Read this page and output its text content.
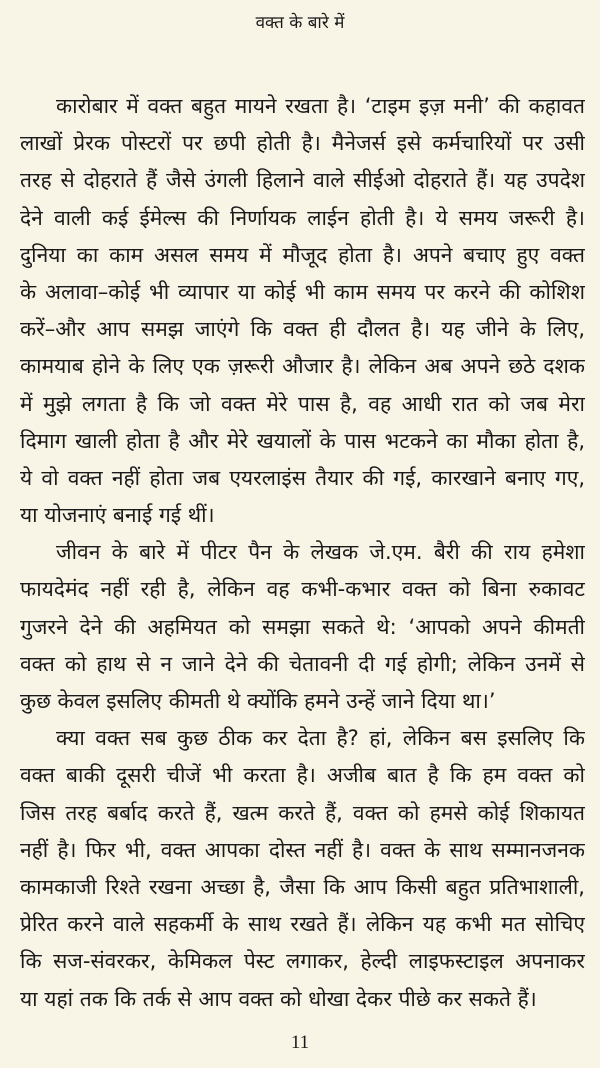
वक्त के बारे में
कारोबार में वक्त बहुत मायने रखता है। ‘टाइम इज़ मनी’ की कहावत
लाखों प्रेरक पोस्टरों पर छपी होती है। मैनेजर्स इसे कर्मचारियों पर उसी
तरह से दोहराते हैं जैसे उंगली हिलाने वाले सीईओ दोहराते हैं। यह उपदेश
देने वाली कई ईमेल्स की निर्णायक लाईन होती है। ये समय जरूरी है।
दुनिया का काम असल समय में मौजूद होता है। अपने बचाए हुए वक्त
के अलावा–कोई भी व्यापार या कोई भी काम समय पर करने की कोशिश
करें–और आप समझ जाएंगे कि वक्त ही दौलत है। यह जीने के लिए,
कामयाब होने के लिए एक ज़रूरी औजार है। लेकिन अब अपने छठे दशक
में मुझे लगता है कि जो वक्त मेरे पास है, वह आधी रात को जब मेरा
दिमाग खाली होता है और मेरे खयालों के पास भटकने का मौका होता है,
ये वो वक्त नहीं होता जब एयरलाइंस तैयार की गई, कारखाने बनाए गए,
या योजनाएं बनाई गई थीं।
जीवन के बारे में पीटर पैन के लेखक जे.एम. बैरी की राय हमेशा
फायदेमंद नहीं रही है, लेकिन वह कभी-कभार वक्त को बिना रुकावट
गुजरने देने की अहमियत को समझा सकते थे: ‘आपको अपने कीमती
वक्त को हाथ से न जाने देने की चेतावनी दी गई होगी; लेकिन उनमें से
कुछ केवल इसलिए कीमती थे क्योंकि हमने उन्हें जाने दिया था।’
क्या वक्त सब कुछ ठीक कर देता है? हां, लेकिन बस इसलिए कि
वक्त बाकी दूसरी चीजें भी करता है। अजीब बात है कि हम वक्त को
जिस तरह बर्बाद करते हैं, खत्म करते हैं, वक्त को हमसे कोई शिकायत
नहीं है। फिर भी, वक्त आपका दोस्त नहीं है। वक्त के साथ सम्मानजनक
कामकाजी रिश्ते रखना अच्छा है, जैसा कि आप किसी बहुत प्रतिभाशाली,
प्रेरित करने वाले सहकर्मी के साथ रखते हैं। लेकिन यह कभी मत सोचिए
कि सज-संवरकर, केमिकल पेस्ट लगाकर, हेल्दी लाइफस्टाइल अपनाकर
या यहां तक कि तर्क से आप वक्त को धोखा देकर पीछे कर सकते हैं।
11
